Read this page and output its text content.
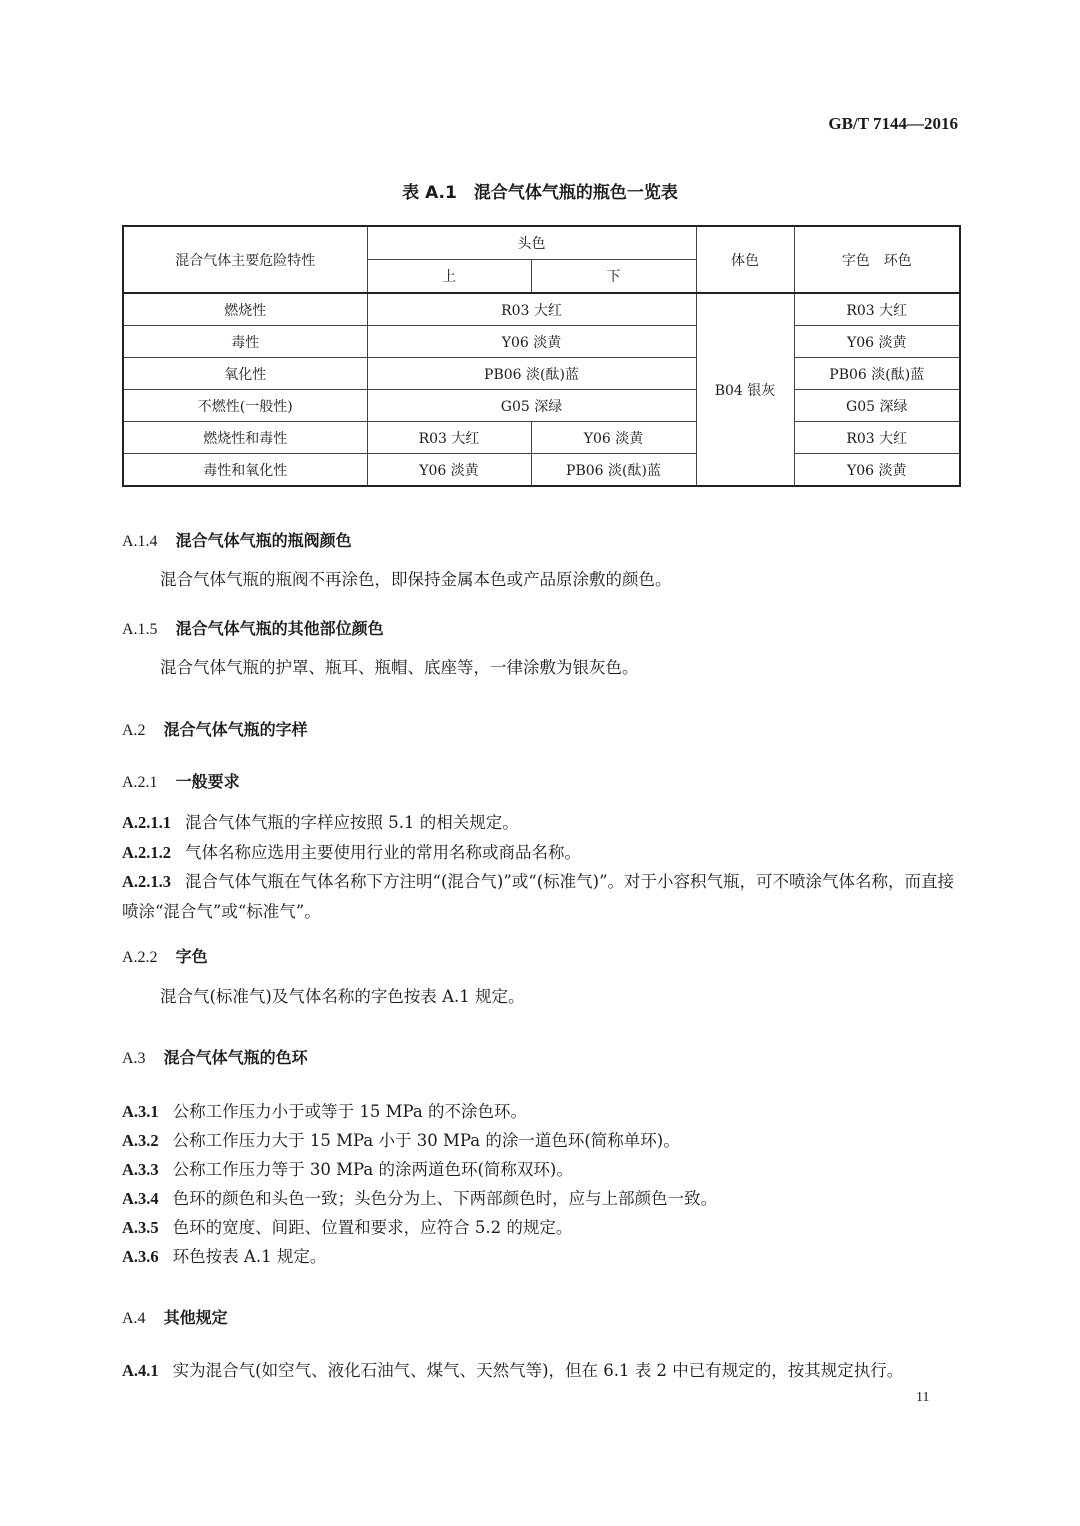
GB/T 7144—2016
表 A.1　混合气体气瓶的瓶色一览表
混合气体主要危险特性	头色		体色	字色　环色
	上	下		
燃烧性	R03 大红		B04 银灰	R03 大红
毒性	Y06 淡黄			Y06 淡黄
氧化性	PB06 淡(酞)蓝			PB06 淡(酞)蓝
不燃性(一般性)	G05 深绿			G05 深绿
燃烧性和毒性	R03 大红	Y06 淡黄		R03 大红
毒性和氧化性	Y06 淡黄	PB06 淡(酞)蓝		Y06 淡黄
A.1.4 混合气体气瓶的瓶阀颜色
混合气体气瓶的瓶阀不再涂色，即保持金属本色或产品原涂敷的颜色。
A.1.5 混合气体气瓶的其他部位颜色
混合气体气瓶的护罩、瓶耳、瓶帽、底座等，一律涂敷为银灰色。
A.2 混合气体气瓶的字样
A.2.1 一般要求
A.2.1.1 混合气体气瓶的字样应按照 5.1 的相关规定。
A.2.1.2 气体名称应选用主要使用行业的常用名称或商品名称。
A.2.1.3 混合气体气瓶在气体名称下方注明“(混合气)”或“(标准气)”。对于小容积气瓶，可不喷涂气体名称，而直接喷涂“混合气”或“标准气”。
A.2.2 字色
混合气(标准气)及气体名称的字色按表 A.1 规定。
A.3 混合气体气瓶的色环
A.3.1 公称工作压力小于或等于 15 MPa 的不涂色环。
A.3.2 公称工作压力大于 15 MPa 小于 30 MPa 的涂一道色环(简称单环)。
A.3.3 公称工作压力等于 30 MPa 的涂两道色环(简称双环)。
A.3.4 色环的颜色和头色一致；头色分为上、下两部颜色时，应与上部颜色一致。
A.3.5 色环的宽度、间距、位置和要求，应符合 5.2 的规定。
A.3.6 环色按表 A.1 规定。
A.4 其他规定
A.4.1 实为混合气(如空气、液化石油气、煤气、天然气等)，但在 6.1 表 2 中已有规定的，按其规定执行。
11
